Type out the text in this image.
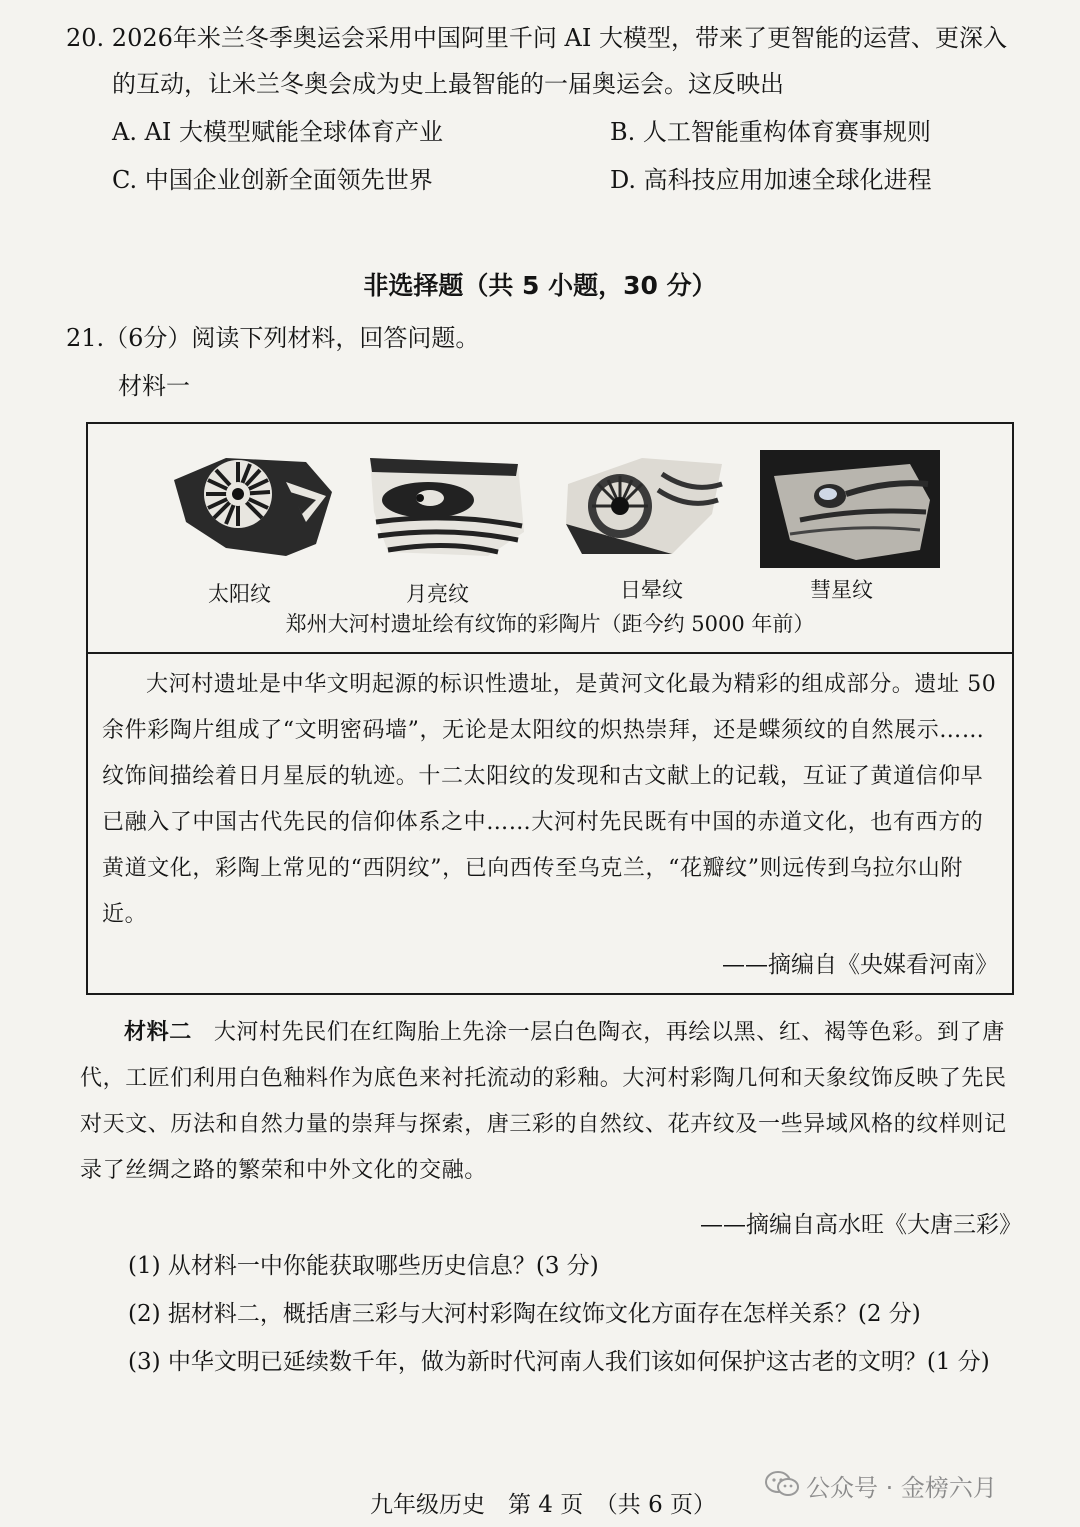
20. 2026年米兰冬季奥运会采用中国阿里千问 AI 大模型，带来了更智能的运营、更深入
的互动，让米兰冬奥会成为史上最智能的一届奥运会。这反映出
A. AI 大模型赋能全球体育产业	B. 人工智能重构体育赛事规则
C. 中国企业创新全面领先世界	D. 高科技应用加速全球化进程
非选择题（共 5 小题，30 分）
21.（6分）阅读下列材料，回答问题。
材料一
太阳纹	月亮纹	日晕纹	彗星纹
郑州大河村遗址绘有纹饰的彩陶片（距今约 5000 年前）
大河村遗址是中华文明起源的标识性遗址，是黄河文化最为精彩的组成部分。遗址 50 余件彩陶片组成了“文明密码墙”，无论是太阳纹的炽热崇拜，还是蝶须纹的自然展示……纹饰间描绘着日月星辰的轨迹。十二太阳纹的发现和古文献上的记载，互证了黄道信仰早已融入了中国古代先民的信仰体系之中……大河村先民既有中国的赤道文化，也有西方的黄道文化，彩陶上常见的“西阴纹”，已向西传至乌克兰，“花瓣纹”则远传到乌拉尔山附近。
——摘编自《央媒看河南》
材料二 大河村先民们在红陶胎上先涂一层白色陶衣，再绘以黑、红、褐等色彩。到了唐代，工匠们利用白色釉料作为底色来衬托流动的彩釉。大河村彩陶几何和天象纹饰反映了先民对天文、历法和自然力量的崇拜与探索，唐三彩的自然纹、花卉纹及一些异域风格的纹样则记录了丝绸之路的繁荣和中外文化的交融。
——摘编自高水旺《大唐三彩》
(1) 从材料一中你能获取哪些历史信息？(3 分)
(2) 据材料二，概括唐三彩与大河村彩陶在纹饰文化方面存在怎样关系？(2 分)
(3) 中华文明已延续数千年，做为新时代河南人我们该如何保护这古老的文明？(1 分)
公众号 · 金榜六月
九年级历史　第 4 页　（共 6 页）
